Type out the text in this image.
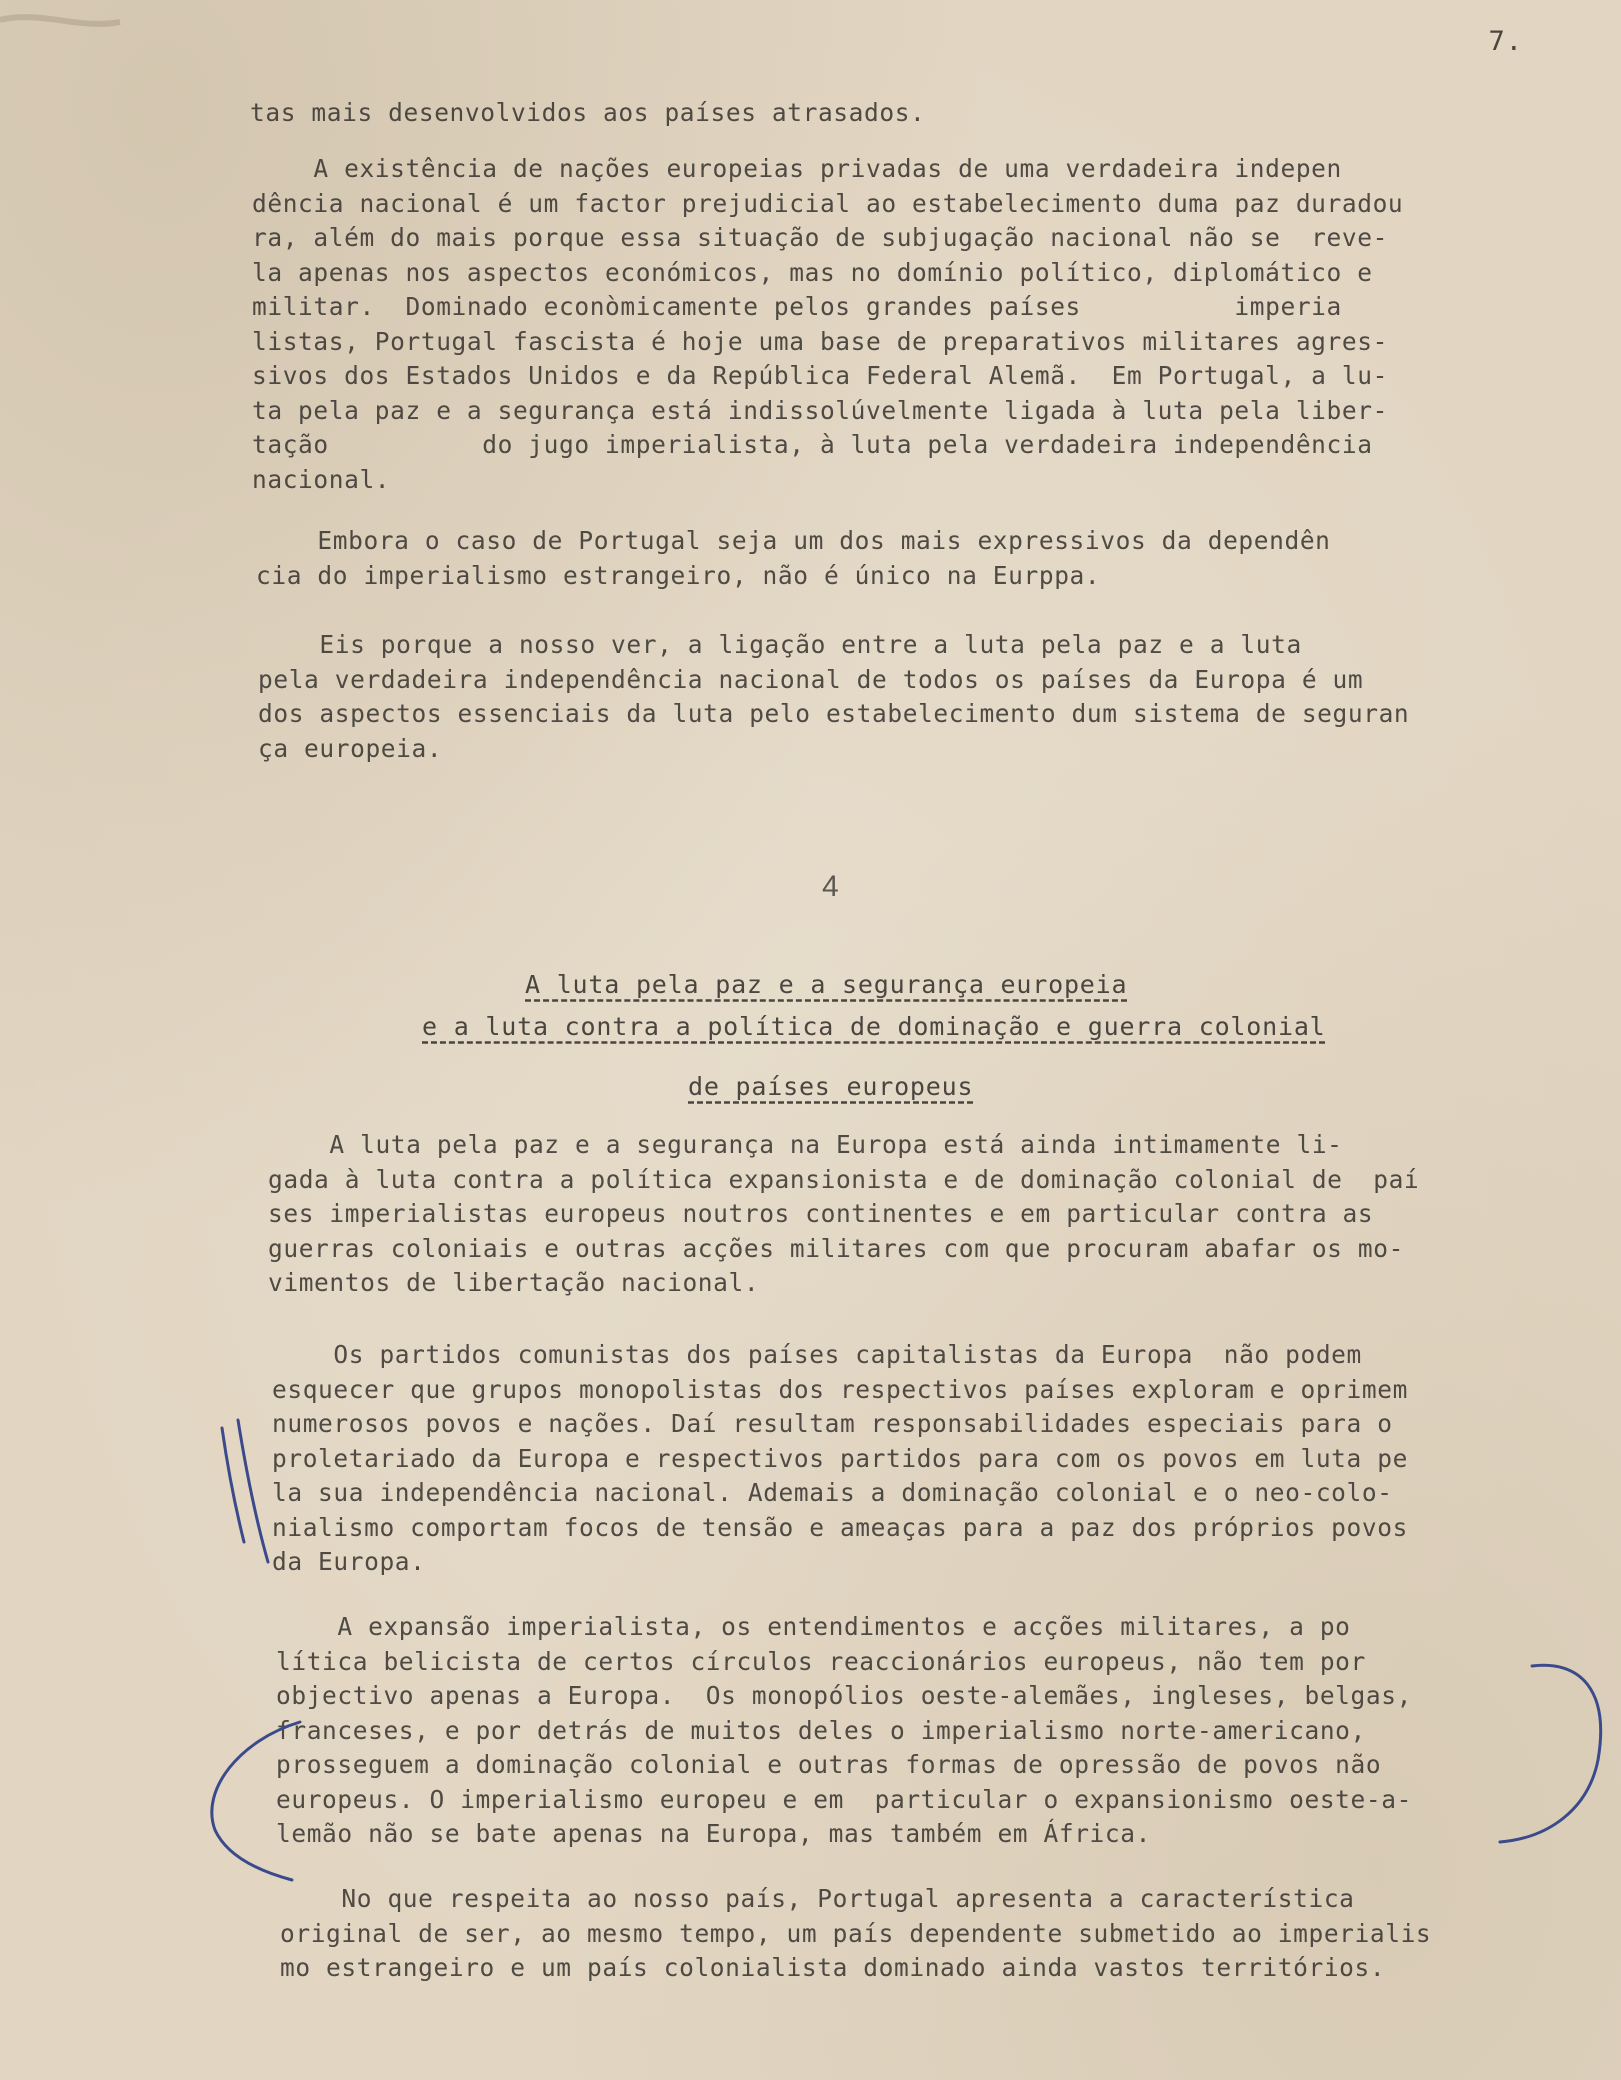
7.
tas mais desenvolvidos aos países atrasados.
A existência de nações europeias privadas de uma verdadeira indepen
dência nacional é um factor prejudicial ao estabelecimento duma paz duradou
ra, além do mais porque essa situação de subjugação nacional não se  reve-
la apenas nos aspectos económicos, mas no domínio político, diplomático e
militar.  Dominado econòmicamente pelos grandes países          imperia
listas, Portugal fascista é hoje uma base de preparativos militares agres-
sivos dos Estados Unidos e da República Federal Alemã.  Em Portugal, a lu-
ta pela paz e a segurança está indissolúvelmente ligada à luta pela liber-
tação          do jugo imperialista, à luta pela verdadeira independência
nacional.
Embora o caso de Portugal seja um dos mais expressivos da dependên
cia do imperialismo estrangeiro, não é único na Eurppa.
Eis porque a nosso ver, a ligação entre a luta pela paz e a luta
pela verdadeira independência nacional de todos os países da Europa é um
dos aspectos essenciais da luta pelo estabelecimento dum sistema de seguran
ça europeia.
4
A luta pela paz e a segurança europeia
e a luta contra a política de dominação e guerra colonial
de países europeus
A luta pela paz e a segurança na Europa está ainda intimamente li-
gada à luta contra a política expansionista e de dominação colonial de  paí
ses imperialistas europeus noutros continentes e em particular contra as
guerras coloniais e outras acções militares com que procuram abafar os mo-
vimentos de libertação nacional.
Os partidos comunistas dos países capitalistas da Europa  não podem
esquecer que grupos monopolistas dos respectivos países exploram e oprimem
numerosos povos e nações. Daí resultam responsabilidades especiais para o
proletariado da Europa e respectivos partidos para com os povos em luta pe
la sua independência nacional. Ademais a dominação colonial e o neo-colo-
nialismo comportam focos de tensão e ameaças para a paz dos próprios povos
da Europa.
A expansão imperialista, os entendimentos e acções militares, a po
lítica belicista de certos círculos reaccionários europeus, não tem por
objectivo apenas a Europa.  Os monopólios oeste-alemães, ingleses, belgas,
franceses, e por detrás de muitos deles o imperialismo norte-americano,
prosseguem a dominação colonial e outras formas de opressão de povos não
europeus. O imperialismo europeu e em  particular o expansionismo oeste-a-
lemão não se bate apenas na Europa, mas também em África.
No que respeita ao nosso país, Portugal apresenta a característica
original de ser, ao mesmo tempo, um país dependente submetido ao imperialis
mo estrangeiro e um país colonialista dominado ainda vastos territórios.
